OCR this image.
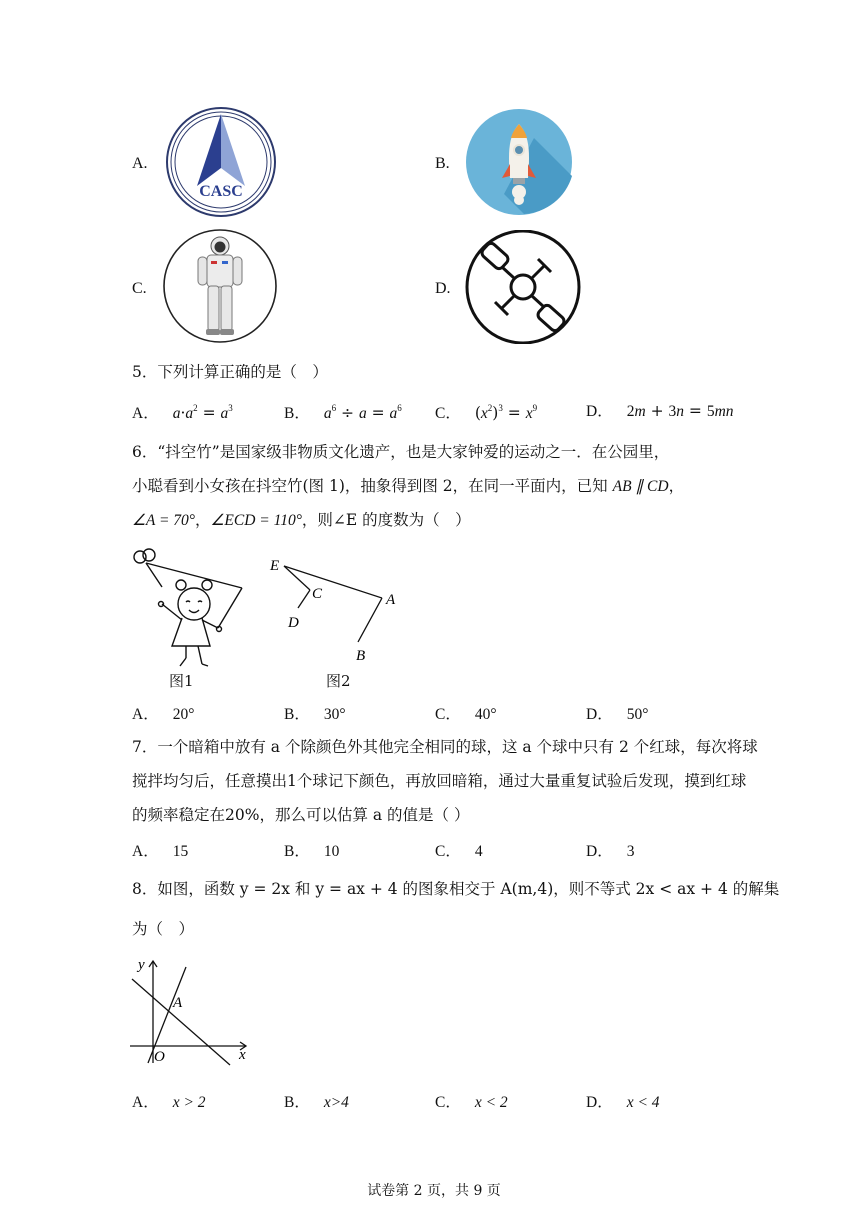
A.
CASC
B.
C.	D.
5．下列计算正确的是（　）
A． $a\cdot a^2 = a^3$	B． $a^6 \div a = a^6$ C． $(x^2)^3 = x^9$	D． 2m + 3n = 5mn
6．“抖空竹”是国家级非物质文化遗产，也是大家钟爱的运动之一．在公园里，
小聪看到小女孩在抖空竹(图 1)，抽象得到图 2，在同一平面内，已知 AB ∥ CD，
∠A = 70°，∠ECD = 110°，则∠E 的度数为（　）
图1
E
C
D
A
B
图2
A． 20°	B． 30°	C． 40°	D． 50°
7．一个暗箱中放有 a 个除颜色外其他完全相同的球，这 a 个球中只有 2 个红球，每次将球
搅拌均匀后，任意摸出1个球记下颜色，再放回暗箱，通过大量重复试验后发现，摸到红球
的频率稳定在20%，那么可以估算 a 的值是（ ）
A． 15	B． 10	C． 4	D． 3
8．如图，函数 y = 2x 和 y = ax + 4 的图象相交于 A(m,4)，则不等式 2x < ax + 4 的解集
为（　）
y
A
O	x
A． x > 2	B． x>4	C． x < 2	D． x < 4
试卷第 2 页，共 9 页
